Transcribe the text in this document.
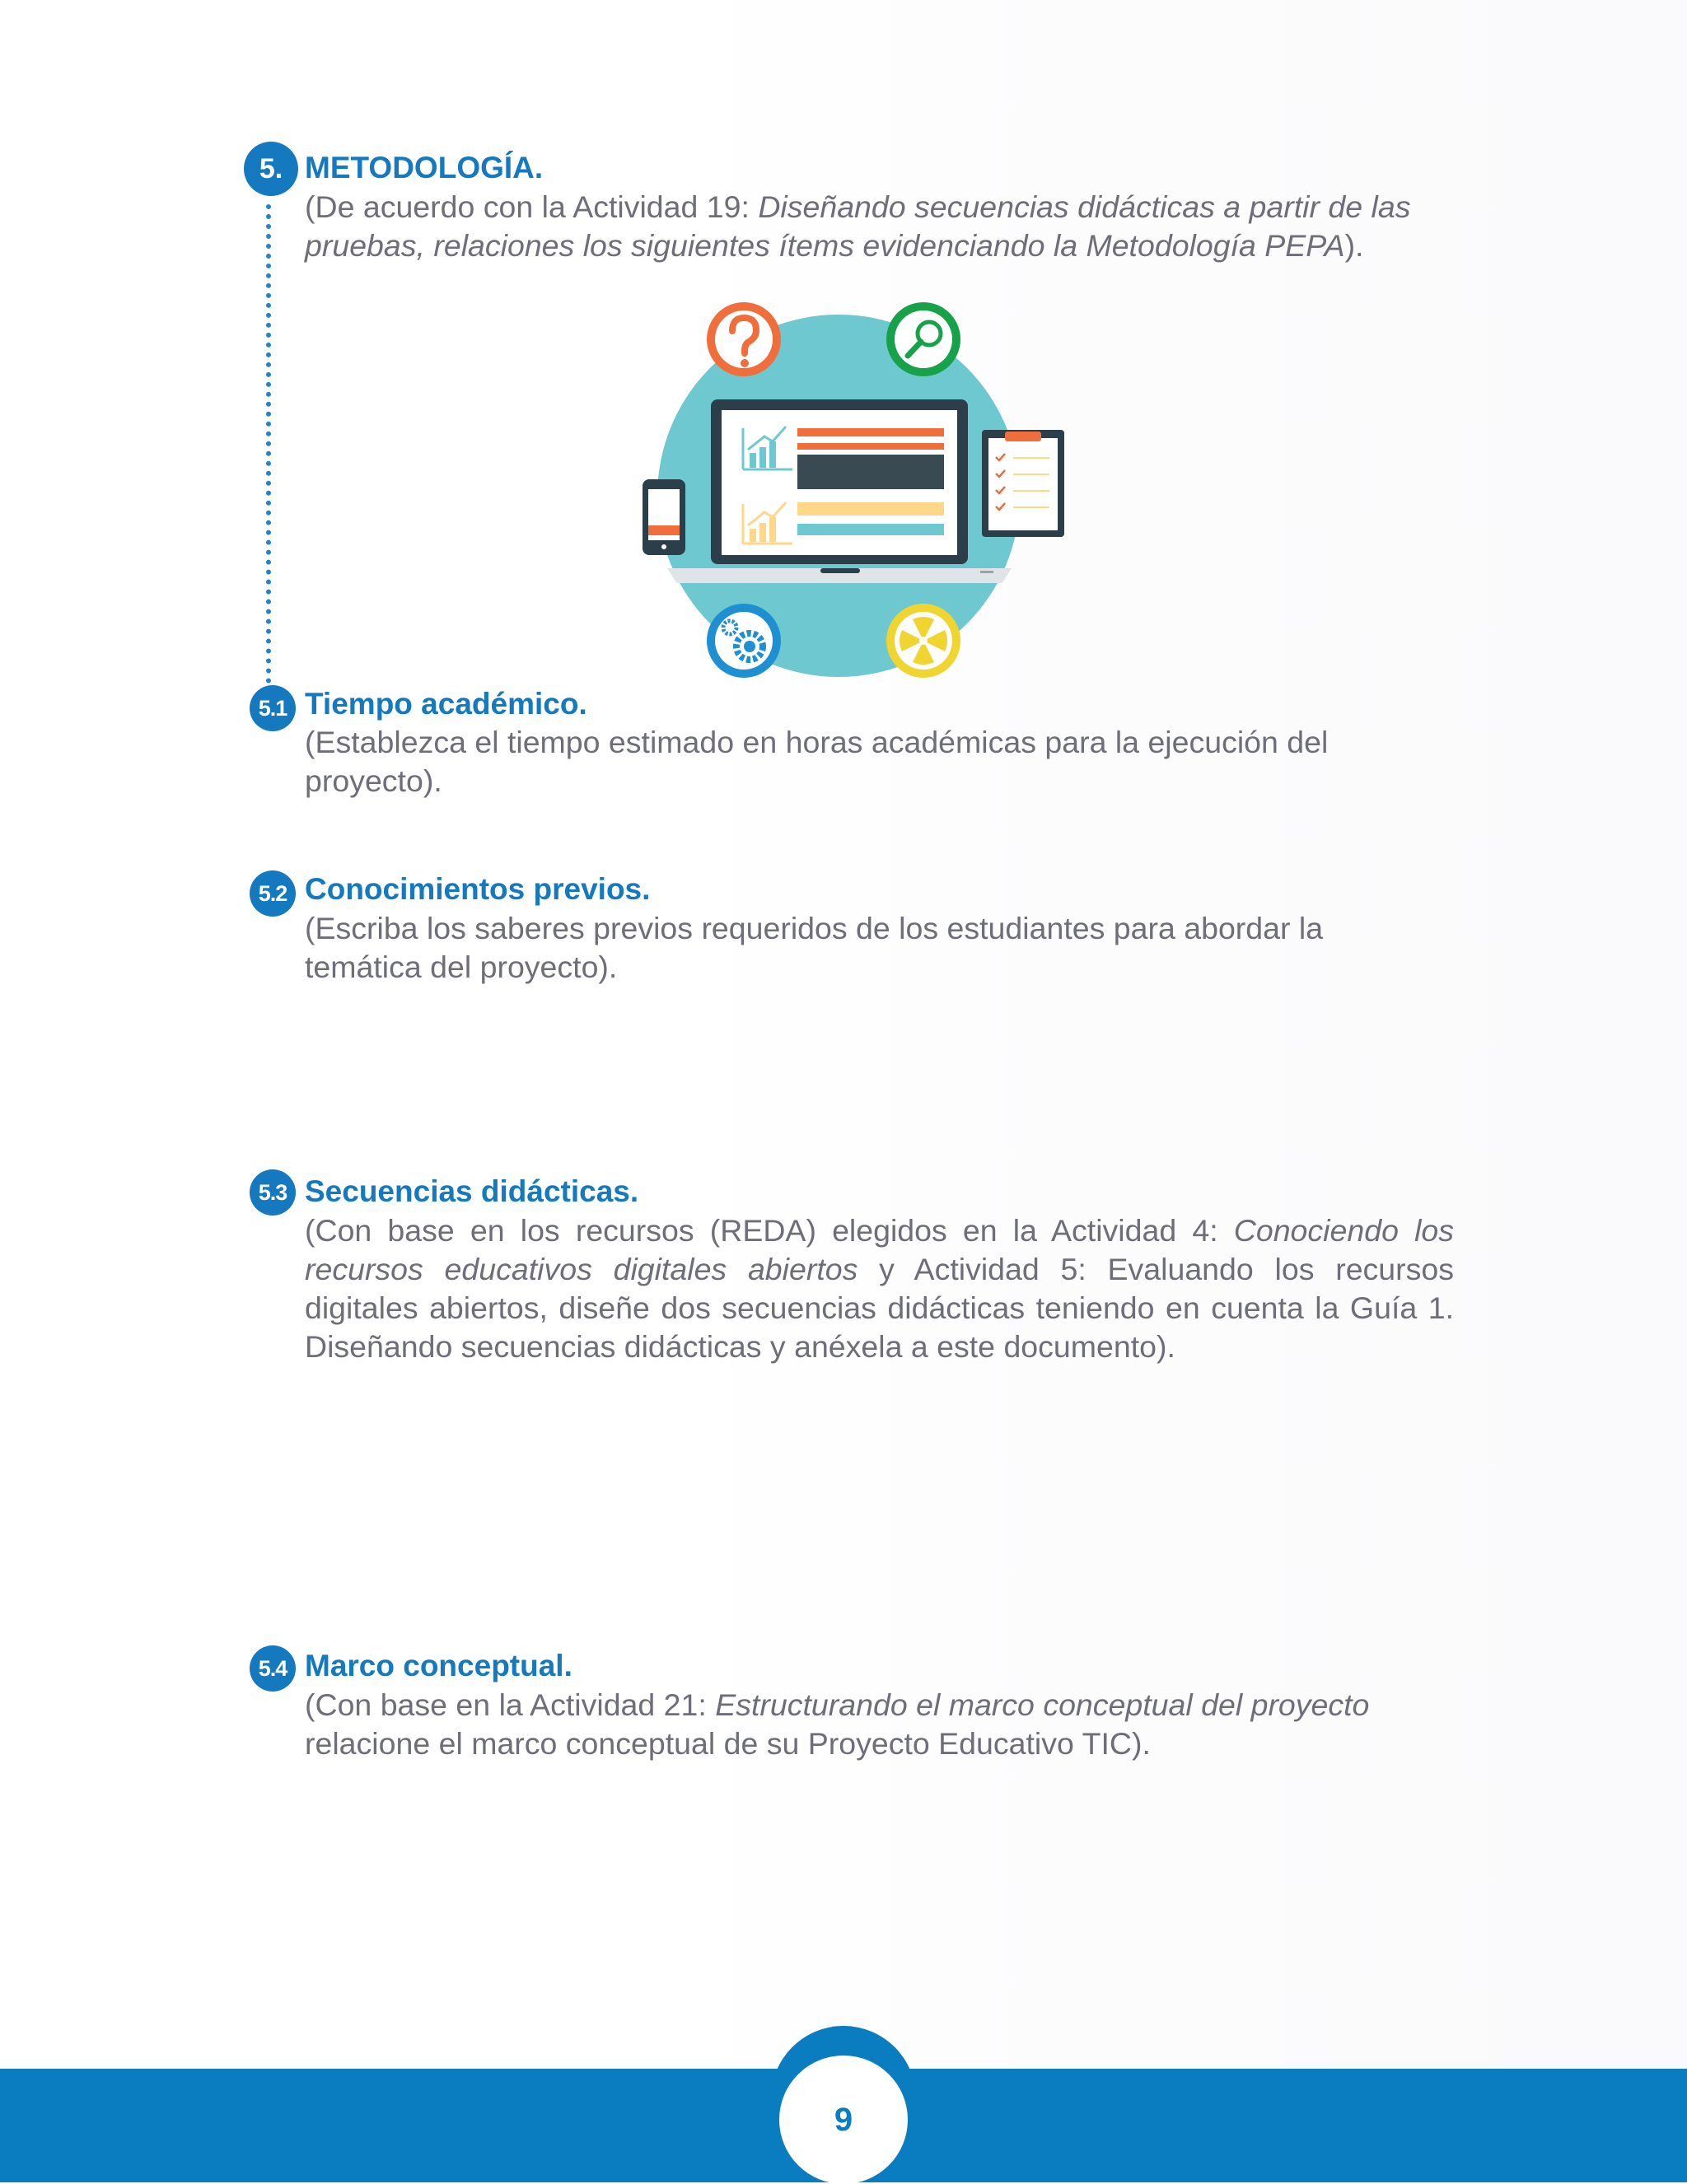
5. METODOLOGÍA.

(De acuerdo con la Actividad 19: Diseñando secuencias didácticas a partir de las pruebas, relaciones los siguientes ítems evidenciando la Metodología PEPA).

5.1 Tiempo académico.

(Establezca el tiempo estimado en horas académicas para la ejecución del proyecto).

5.2 Conocimientos previos.

(Escriba los saberes previos requeridos de los estudiantes para abordar la temática del proyecto).

5.3 Secuencias didácticas.

(Con base en los recursos (REDA) elegidos en la Actividad 4: Conociendo los recursos educativos digitales abiertos y Actividad 5: Evaluando los recursos digitales abiertos, diseñe dos secuencias didácticas teniendo en cuenta la Guía 1. Diseñando secuencias didácticas y anéxela a este documento).

5.4 Marco conceptual.

(Con base en la Actividad 21: Estructurando el marco conceptual del proyecto relacione el marco conceptual de su Proyecto Educativo TIC).

9
